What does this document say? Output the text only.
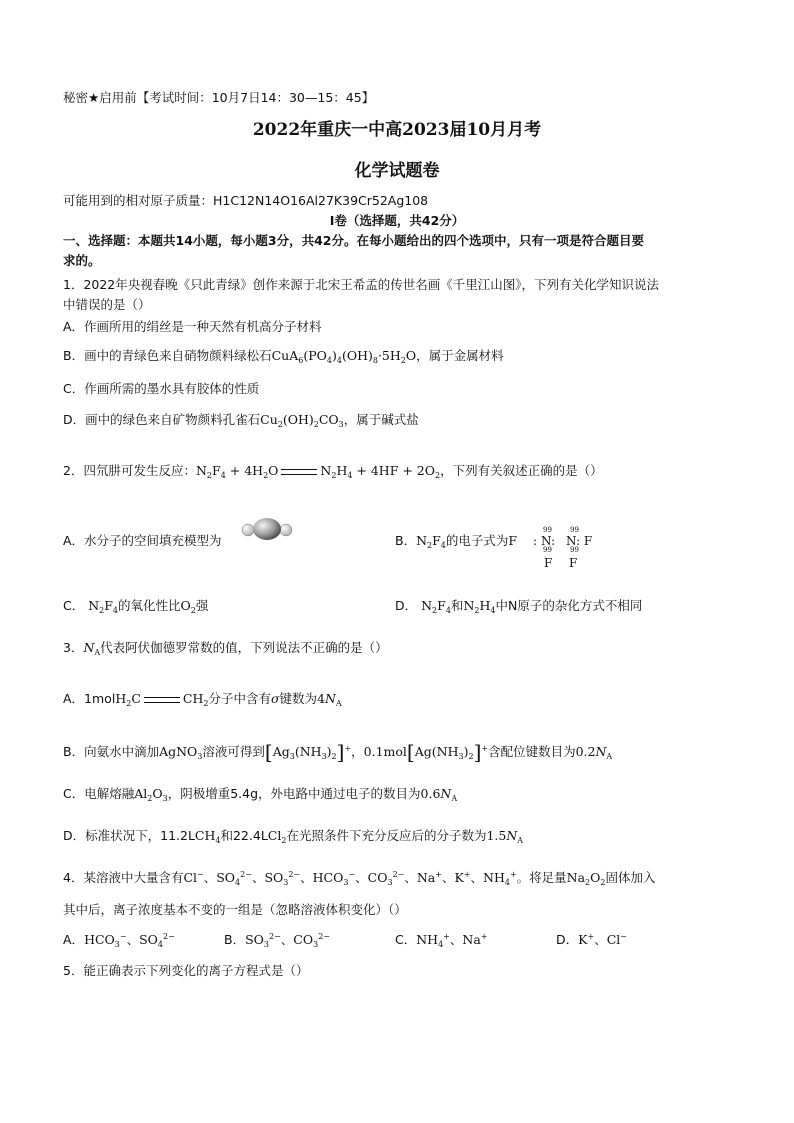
秘密★启用前【考试时间：10月7日14：30—15：45】
2022年重庆一中高2023届10月月考
化学试题卷
可能用到的相对原子质量：H1C12N14O16Al27K39Cr52Ag108
Ⅰ卷（选择题，共42分）
一、选择题：本题共14小题，每小题3分，共42分。在每小题给出的四个选项中，只有一项是符合题目要
求的。
1．2022年央视春晚《只此青绿》创作来源于北宋王希孟的传世名画《千里江山图》，下列有关化学知识说法
中错误的是（）
A．作画所用的绢丝是一种天然有机高分子材料
B．画中的青绿色来自硝物颜料绿松石$CuA_6(PO_4)_4(OH)_8\cdot 5H_2O$，属于金属材料
C．作画所需的墨水具有胶体的性质
D．画中的绿色来自矿物颜料孔雀石$Cu_2(OH)_2CO_3$，属于碱式盐
2．四氘肼可发生反应：$N_2F_4 + 4H_2O$	$N_2H_4 + 4HF + 2O_2$，下列有关叙述正确的是（）
A．水分子的空间填充模型为	B．$N_2F_4$的电子式为F :
99
N:
99
N: F
99	99
F F
C． $N_2F_4$的氧化性比$O_2$强	D． $N_2F_4$和$N_2H_4$中N原子的杂化方式不相同
3．$N_A$代表阿伏伽德罗常数的值，下列说法不正确的是（）
A．1molH$_2$C	$CH_2$分子中含有σ键数为$4N_A$
B．向氨水中滴加AgNO$_3$溶液可得到$[Ag_3(NH_3)_2]^+$，$0.1mol[Ag(NH_3)_2]^+$含配位键数目为$0.2N_A$
C．电解熔融$Al_2O_3$，阴极增重5.4g，外电路中通过电子的数目为$0.6N_A$
D．标准状况下，$11.2LCH_4$和22.4LCl$_2$在光照条件下充分反应后的分子数为$1.5N_A$
4．某溶液中大量含有Cl−、$SO_4^{2-}$、$SO_3^{2-}$、$HCO_3^-$、$CO_3^{2-}$、Na+、K+、$NH_4^+$。将足量$Na_2O_2$固体加入
其中后，离子浓度基本不变的一组是（忽略溶液体积变化）（）
A．$HCO_3^-$、$SO_4^{2-}$	B．$SO_3^{2-}$、$CO_3^{2-}$	C．$NH_4^+$、Na+	D．K+、Cl−
5．能正确表示下列变化的离子方程式是（）
